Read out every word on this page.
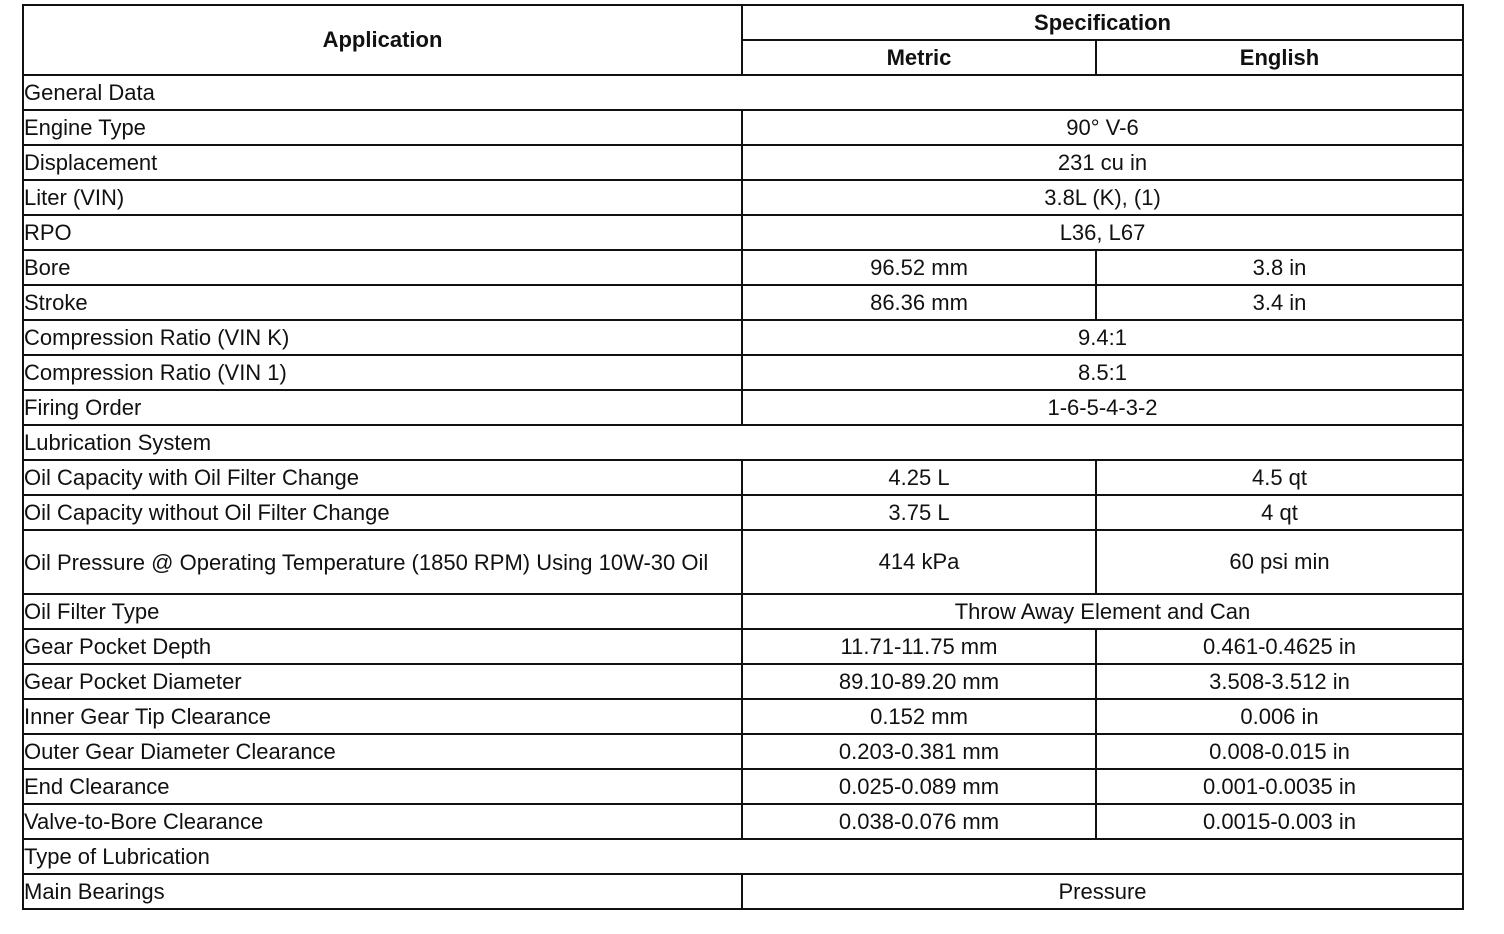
Application	Specification	
	Metric	English
General Data		
Engine Type	90° V-6	
Displacement	231 cu in	
Liter (VIN)	3.8L (K), (1)	
RPO	L36, L67	
Bore	96.52 mm	3.8 in
Stroke	86.36 mm	3.4 in
Compression Ratio (VIN K)	9.4:1	
Compression Ratio (VIN 1)	8.5:1	
Firing Order	1-6-5-4-3-2	
Lubrication System		
Oil Capacity with Oil Filter Change	4.25 L	4.5 qt
Oil Capacity without Oil Filter Change	3.75 L	4 qt
Oil Pressure @ Operating Temperature (1850 RPM) Using 10W-30 Oil	414 kPa	60 psi min
Oil Filter Type	Throw Away Element and Can	
Gear Pocket Depth	11.71-11.75 mm	0.461-0.4625 in
Gear Pocket Diameter	89.10-89.20 mm	3.508-3.512 in
Inner Gear Tip Clearance	0.152 mm	0.006 in
Outer Gear Diameter Clearance	0.203-0.381 mm	0.008-0.015 in
End Clearance	0.025-0.089 mm	0.001-0.0035 in
Valve-to-Bore Clearance	0.038-0.076 mm	0.0015-0.003 in
Type of Lubrication		
Main Bearings	Pressure	
